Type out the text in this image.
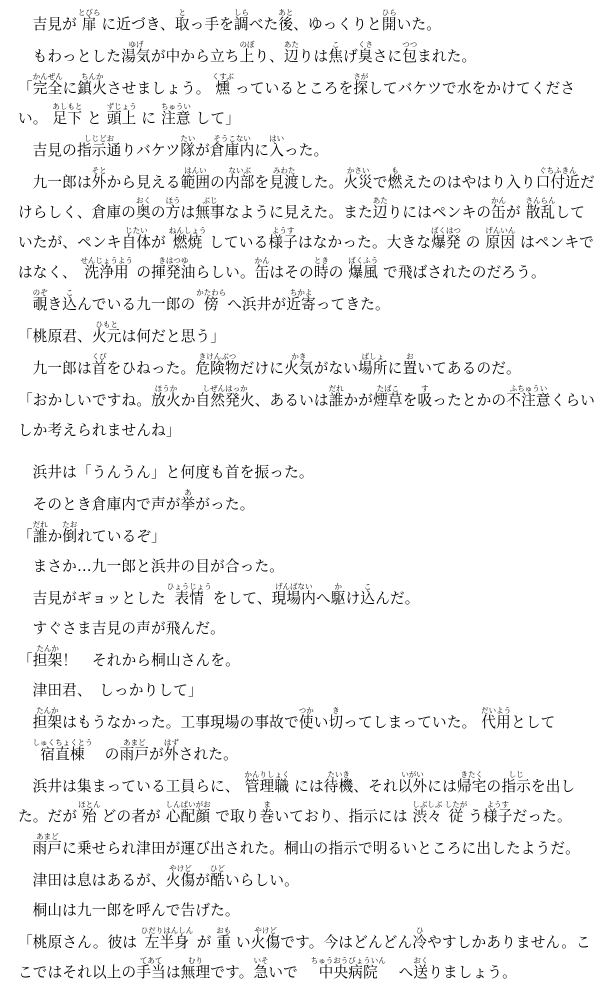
吉見が 扉とびら に近づき、取とっ手を調しらべた後あと、ゆっくりと開ひらいた。

もわっとした湯気ゆげが中から立ち上のぼり、辺あたりは焦こげ臭くささに包つつまれた。

「完全かんぜんに鎮火ちんかさせましょう。 燻くすぶ っているところを探さがしてバケツで水をかけてください。 足下あしもと と 頭上ずじょう に 注意ちゅうい して」

吉見の指示通しじどおりバケツ隊たいが倉庫内そうこないに入はいった。

九一郎は外そとから見える範囲はんいの内部ないぶを見渡みわたした。火災かさいで燃もえたのはやはり入り口付近ぐちふきんだけらしく、倉庫の奥おくの方ほうは無事ぶじなように見えた。また辺あたりにはペンキの缶かんが 散乱さんらんしていたが、ペンキ自体じたいが 燃焼ねんしょう している様子ようすはなかった。大きな爆発ばくはつ の 原因げんいん はペンキではなく、 洗浄用せんじょうよう の揮発油きはつゆらしい。缶かんはその時ときの 爆風ばくふう で飛ばされたのだろう。

覗のぞき込こんでいる九一郎の 傍かたわら へ浜井が近寄ちかよってきた。

「桃原君、火元ひもとは何だと思う」

九一郎は首くびをひねった。危険物きけんぶつだけに火気かきがない場所ばしょに置おいてあるのだ。

「おかしいですね。放火ほうかか自然発火しぜんはっか、あるいは誰だれかが煙草たばこを吸すったとかの不注意ふちゅういくらいしか考えられませんね」

浜井は「うんうん」と何度も首を振った。

そのとき倉庫内で声が挙あがった。

「誰だれか倒たおれているぞ」

まさか…九一郎と浜井の目が合った。

吉見がギョッとした 表情ひょうじょう をして、現場内げんばないへ駆かけ込こんだ。

すぐさま吉見の声が飛んだ。

「担架たんか！　それから桐山さんを。

津田君、　しっかりして」

担架たんかはもうなかった。工事現場の事故で使つかい切きってしまっていた。 代用だいようとして

宿直棟しゅくちょくとう　の雨戸あまどが外はずされた。

浜井は集まっている工員らに、 管理職かんりしょく には待機たいき、それ以外いがいには帰宅きたくの指示しじを出した。だが 殆ほとん どの者が 心配顔しんぱいがお で取り巻まいており、指示には 渋々しぶしぶ 従したが う様子ようすだった。

雨戸あまどに乗せられ津田が運び出された。桐山の指示で明るいところに出したようだ。

津田は息はあるが、火傷やけどが酷ひどいらしい。

桐山は九一郎を呼んで告げた。

「桃原さん。彼は 左半身ひだりはんしん が 重おも い火傷やけどです。今はどんどん冷ひやすしかありません。ここではそれ以上の手当てあては無理むりです。急いそいで　中央病院ちゅうおうびょういん　へ送おくりましょう。
